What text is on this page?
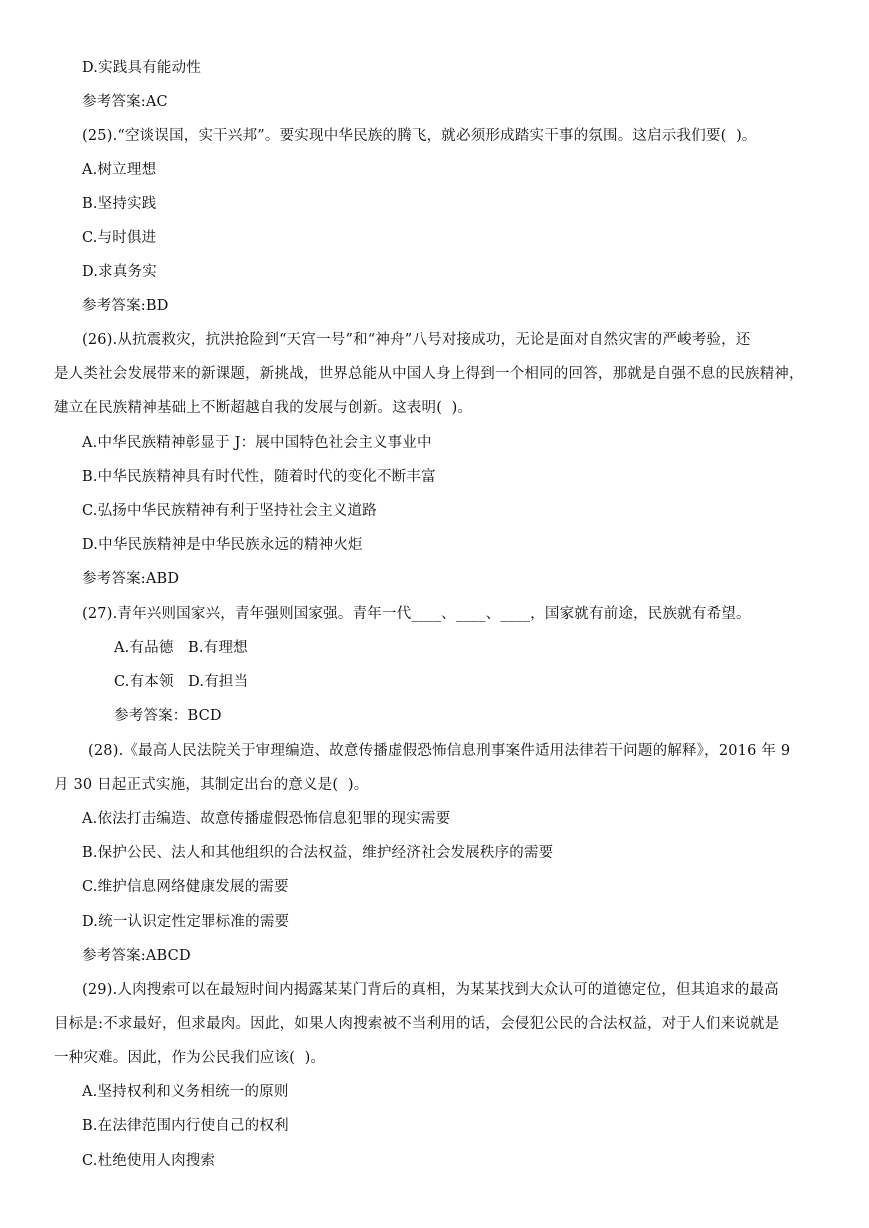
D.实践具有能动性
参考答案:AC
(25).“空谈误国，实干兴邦”。要实现中华民族的腾飞，就必须形成踏实干事的氛围。这启示我们要(  )。
A.树立理想
B.坚持实践
C.与时俱进
D.求真务实
参考答案:BD
(26).从抗震救灾，抗洪抢险到“天宫一号”和“神舟”八号对接成功，无论是面对自然灾害的严峻考验，还
是人类社会发展带来的新课题，新挑战，世界总能从中国人身上得到一个相同的回答，那就是自强不息的民族精神，
建立在民族精神基础上不断超越自我的发展与创新。这表明(  )。
A.中华民族精神彰显于 J：展中国特色社会主义事业中
B.中华民族精神具有时代性，随着时代的变化不断丰富
C.弘扬中华民族精神有利于坚持社会主义道路
D.中华民族精神是中华民族永远的精神火炬
参考答案:ABD
(27).青年兴则国家兴，青年强则国家强。青年一代____、____、____，国家就有前途，民族就有希望。
A.有品德   B.有理想
C.有本领   D.有担当
参考答案：BCD
(28).《最高人民法院关于审理编造、故意传播虚假恐怖信息刑事案件适用法律若干问题的解释》，2016 年 9
月 30 日起正式实施，其制定出台的意义是(  )。
A.依法打击编造、故意传播虚假恐怖信息犯罪的现实需要
B.保护公民、法人和其他组织的合法权益，维护经济社会发展秩序的需要
C.维护信息网络健康发展的需要
D.统一认识定性定罪标准的需要
参考答案:ABCD
(29).人肉搜索可以在最短时间内揭露某某门背后的真相，为某某找到大众认可的道德定位，但其追求的最高
目标是:不求最好，但求最肉。因此，如果人肉搜索被不当利用的话，会侵犯公民的合法权益，对于人们来说就是
一种灾难。因此，作为公民我们应该(  )。
A.坚持权利和义务相统一的原则
B.在法律范围内行使自己的权利
C.杜绝使用人肉搜索
